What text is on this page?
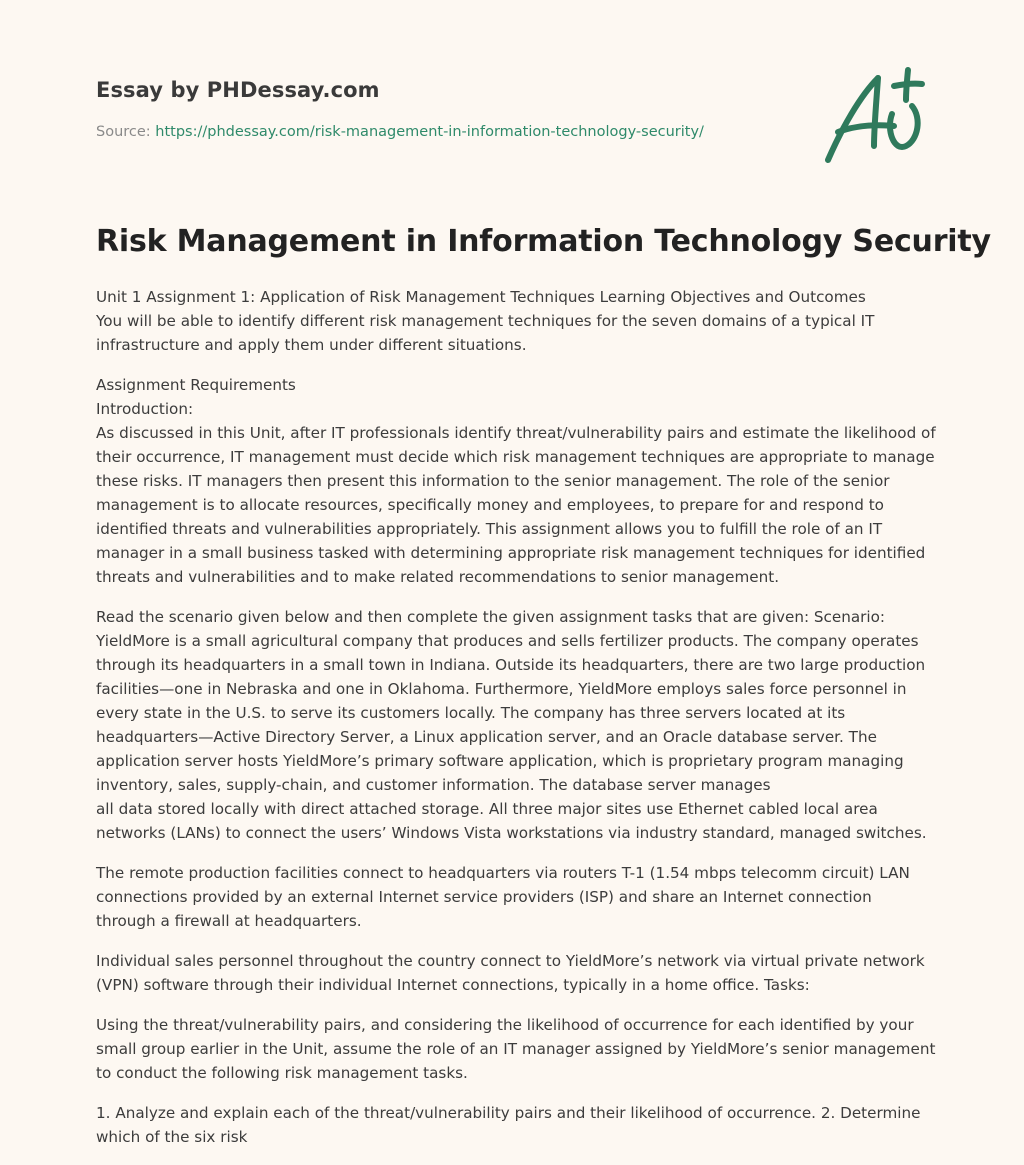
Essay by PHDessay.com
Source: https://phdessay.com/risk-management-in-information-technology-security/
Risk Management in Information Technology Security

Unit 1 Assignment 1: Application of Risk Management Techniques Learning Objectives and Outcomes
You will be able to identify different risk management techniques for the seven domains of a typical IT infrastructure and apply them under different situations.

Assignment Requirements
Introduction:
As discussed in this Unit, after IT professionals identify threat/vulnerability pairs and estimate the likelihood of their occurrence, IT management must decide which risk management techniques are appropriate to manage these risks. IT managers then present this information to the senior management. The role of the senior management is to allocate resources, specifically money and employees, to prepare for and respond to identified threats and vulnerabilities appropriately. This assignment allows you to fulfill the role of an IT manager in a small business tasked with determining appropriate risk management techniques for identified threats and vulnerabilities and to make related recommendations to senior management.

Read the scenario given below and then complete the given assignment tasks that are given: Scenario: YieldMore is a small agricultural company that produces and sells fertilizer products. The company operates through its headquarters in a small town in Indiana. Outside its headquarters, there are two large production facilities—one in Nebraska and one in Oklahoma. Furthermore, YieldMore employs sales force personnel in every state in the U.S. to serve its customers locally. The company has three servers located at its headquarters—Active Directory Server, a Linux application server, and an Oracle database server. The application server hosts YieldMore’s primary software application, which is proprietary program managing inventory, sales, supply-chain, and customer information. The database server manages
all data stored locally with direct attached storage. All three major sites use Ethernet cabled local area networks (LANs) to connect the users’ Windows Vista workstations via industry standard, managed switches.

The remote production facilities connect to headquarters via routers T-1 (1.54 mbps telecomm circuit) LAN connections provided by an external Internet service providers (ISP) and share an Internet connection through a firewall at headquarters.

Individual sales personnel throughout the country connect to YieldMore’s network via virtual private network (VPN) software through their individual Internet connections, typically in a home office. Tasks:

Using the threat/vulnerability pairs, and considering the likelihood of occurrence for each identified by your small group earlier in the Unit, assume the role of an IT manager assigned by YieldMore’s senior management to conduct the following risk management tasks.

1. Analyze and explain each of the threat/vulnerability pairs and their likelihood of occurrence. 2. Determine which of the six risk
